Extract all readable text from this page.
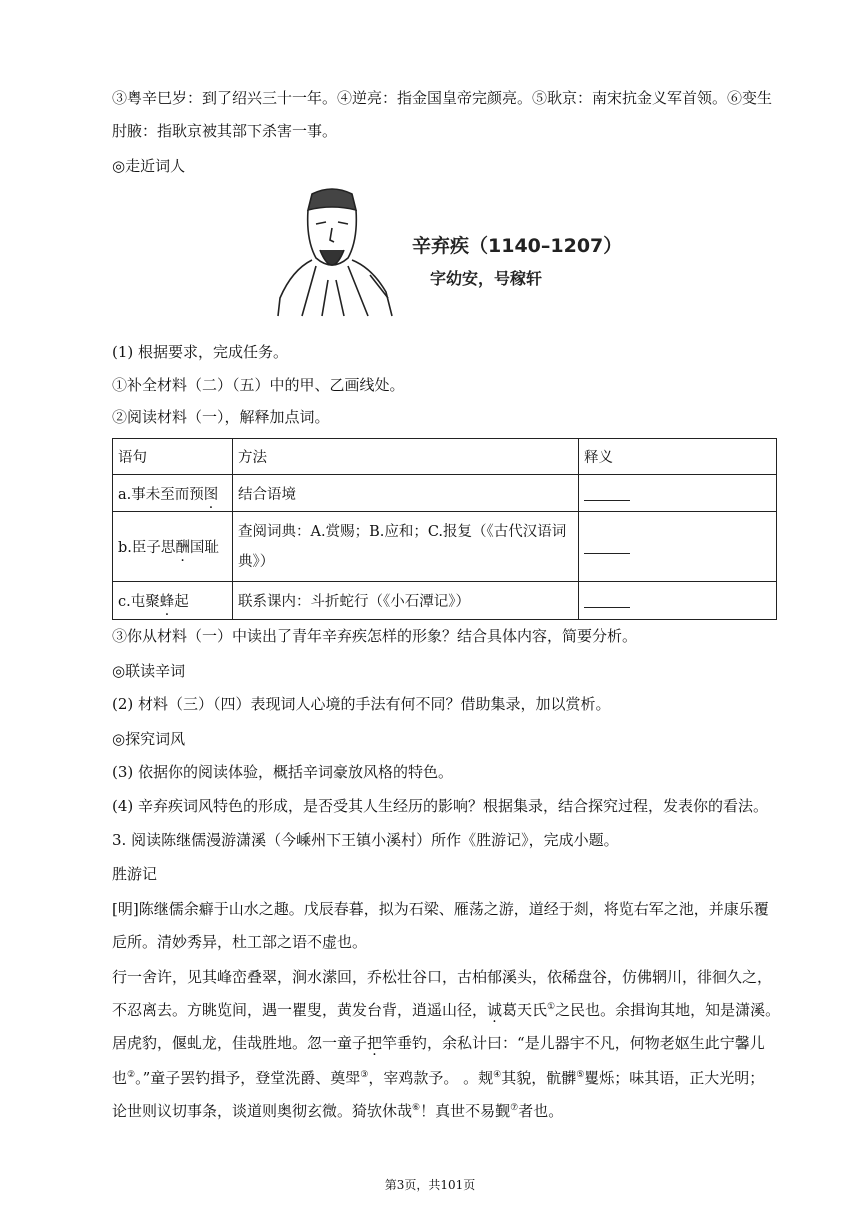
③粤辛巳岁：到了绍兴三十一年。④逆亮：指金国皇帝完颜亮。⑤耿京：南宋抗金义军首领。⑥变生
肘腋：指耿京被其部下杀害一事。
◎走近词人
辛弃疾（1140–1207）
字幼安，号稼轩
(1) 根据要求，完成任务。
①补全材料（二）（五）中的甲、乙画线处。
②阅读材料（一），解释加点词。
语句	方法	释义
a.事未至而预图	结合语境	
b.臣子思酬国耻	查阅词典：A.赏赐；B.应和；C.报复（《古代汉语词
典》）	
c.屯聚蜂起	联系课内：斗折蛇行（《小石潭记》）	
③你从材料（一）中读出了青年辛弃疾怎样的形象？结合具体内容，简要分析。
◎联读辛词
(2) 材料（三）（四）表现词人心境的手法有何不同？借助集录，加以赏析。
◎探究词风
(3) 依据你的阅读体验，概括辛词豪放风格的特色。
(4) 辛弃疾词风特色的形成，是否受其人生经历的影响？根据集录，结合探究过程，发表你的看法。
3. 阅读陈继儒漫游潇溪（今嵊州下王镇小溪村）所作《胜游记》，完成小题。
胜游记
[明]陈继儒余癖于山水之趣。戊辰春暮，拟为石梁、雁荡之游，道经于剡，将览右军之池，并康乐覆
卮所。清妙秀异，杜工部之语不虚也。
行一舍许，见其峰峦叠翠，涧水潆回，乔松壮谷口，古柏郁溪头，依稀盘谷，仿佛辋川，徘徊久之，
不忍离去。方眺览间，遇一瞿叟，黄发台背，逍遥山径，诚葛天氏①之民也。余揖询其地，知是潇溪。
居虎豹，偃虬龙，佳哉胜地。忽一童子把竿垂钓，余私计曰：“是儿器宇不凡，何物老妪生此宁馨儿
也②。”童子罢钓揖予，登堂洗爵、奠斝③，宰鸡款予。 。觌④其貌，骯髒⑤矍烁；味其语，正大光明；
论世则议切事条，谈道则奥彻玄微。猗欤休哉⑥！真世不易觐⑦者也。
第3页，共101页
